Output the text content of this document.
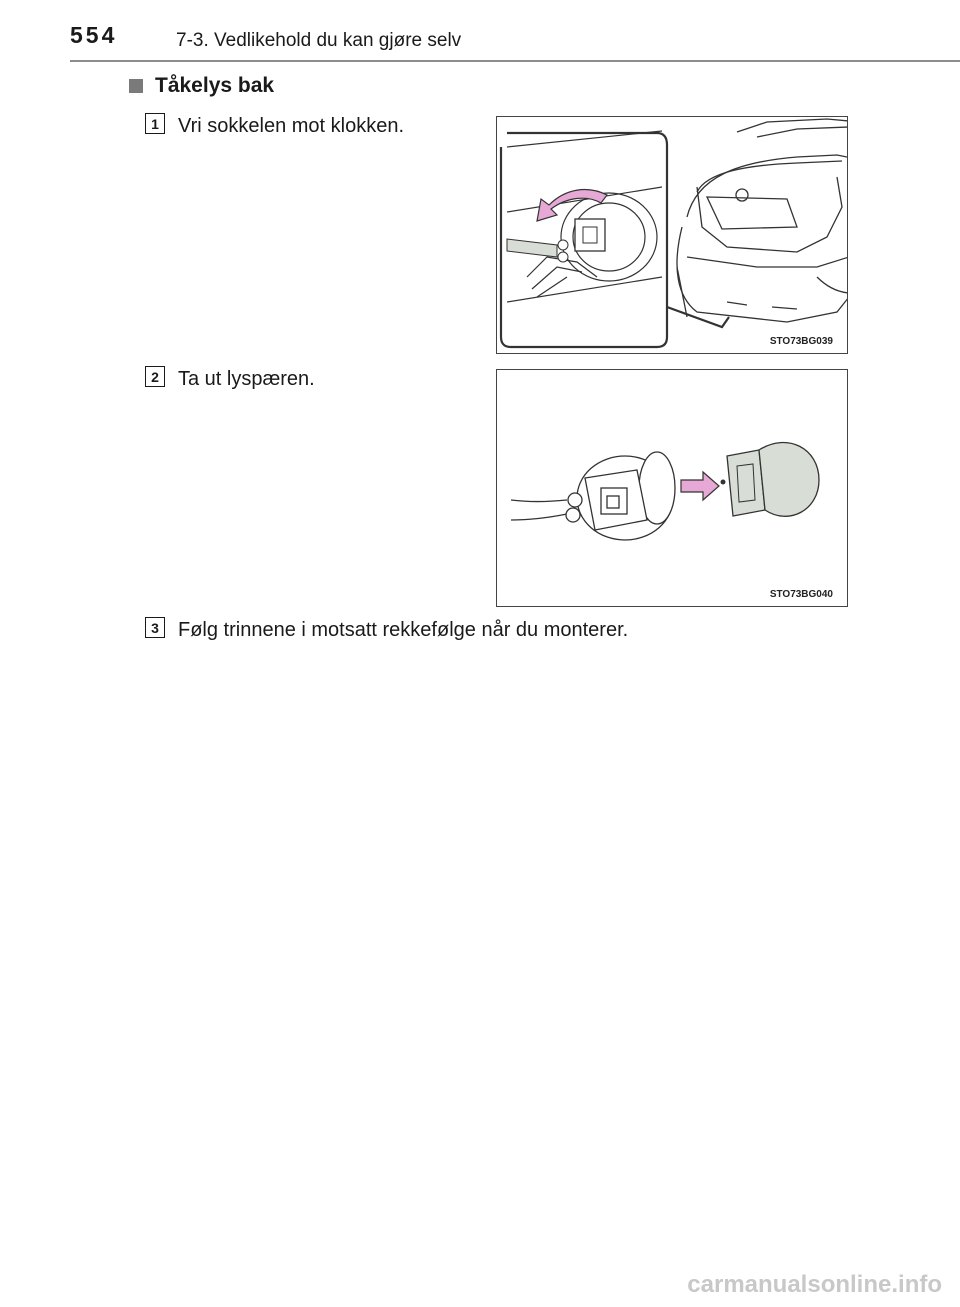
554	7-3. Vedlikehold du kan gjøre selv
Tåkelys bak
1 Vri sokkelen mot klokken.
STO73BG039
2 Ta ut lyspæren.
STO73BG040
3 Følg trinnene i motsatt rekkefølge når du monterer.
carmanualsonline.info
